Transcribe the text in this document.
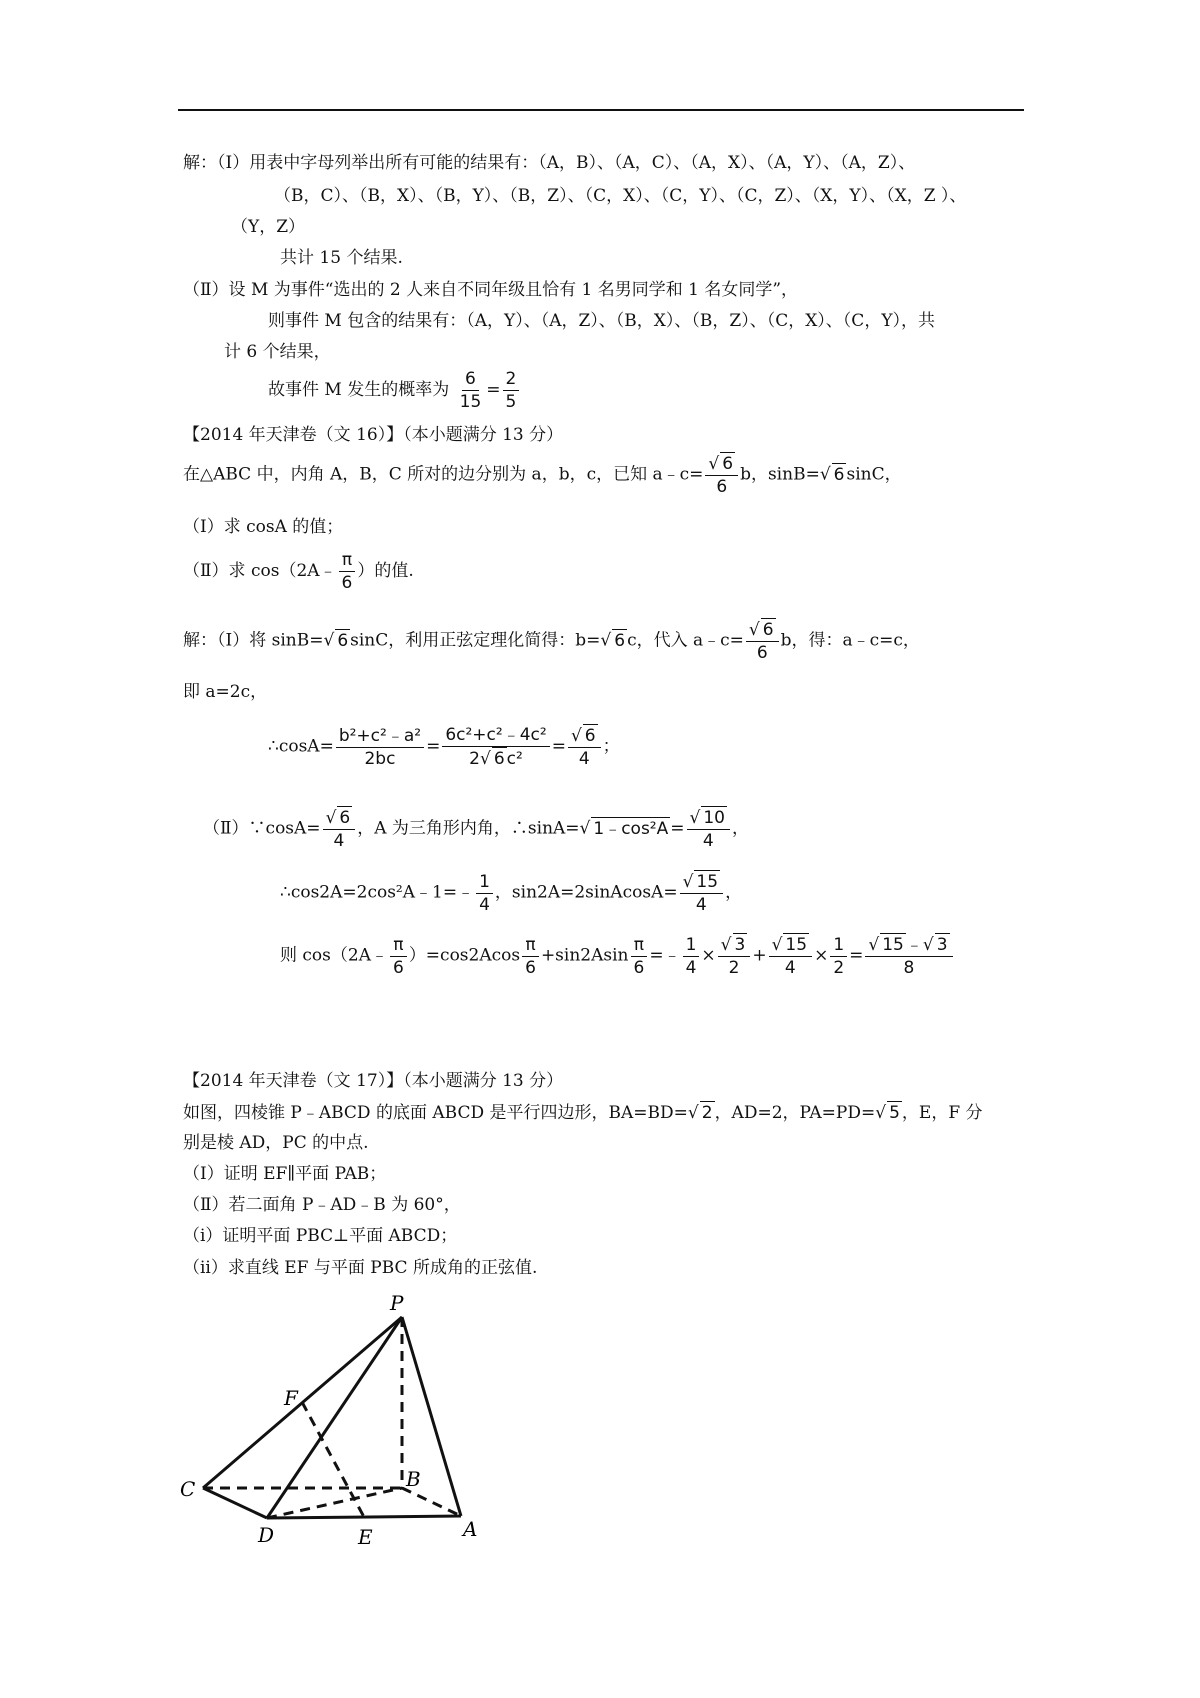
解：（Ⅰ）用表中字母列举出所有可能的结果有：（A，B）、（A，C）、（A，X）、（A，Y）、（A，Z）、
（B，C）、（B，X）、（B，Y）、（B，Z）、（C，X）、（C，Y）、（C，Z）、（X，Y）、（X，Z ）、
（Y，Z）
共计 15 个结果.
（Ⅱ）设 M 为事件“选出的 2 人来自不同年级且恰有 1 名男同学和 1 名女同学”，
则事件 M 包含的结果有：（A，Y）、（A，Z）、（B，X）、（B，Z）、（C，X）、（C，Y），共
计 6 个结果，
故事件 M 发生的概率为 $\frac{6}{15} = \frac{2}{5}$
【2014 年天津卷（文 16）】（本小题满分 13 分）
在△ABC 中，内角 A，B，C 所对的边分别为 a，b，c，已知 a﹣c= $\frac{√ 6}{6}$ b，sinB=√ 6 sinC，
（Ⅰ）求 cosA 的值；
（Ⅱ）求 cos（2A﹣ $\frac{\pi}{6}$ ）的值.
解：（Ⅰ）将 sinB=√ 6 sinC，利用正弦定理化简得：b=√ 6 c，代入 a﹣c= $\frac{√ 6}{6}$ b，得：a﹣c=c，
即 a=2c，
∴cosA= $\frac{\text{b²+c²﹣a²}}{2bc} = \frac{\text{6c²+c²﹣4c²}}{\text{2√ 6 c²}} = \frac{√ 6}{4}$ ；
（Ⅱ）∵cosA= $\frac{√ 6}{4}$ ，A 为三角形内角，∴sinA=√ 1﹣cos²A = $\frac{√ 10}{4}$ ，
∴cos2A=2cos²A﹣1=﹣ $\frac{1}{4}$ ，sin2A=2sinAcosA= $\frac{√ 15}{4}$ ，
则 cos（2A﹣ $\frac{\pi}{6} )=\cos 2Acos \frac{\pi}{6} +\sin 2Asin \frac{\pi}{6}$ =﹣ $\frac{1}{4} \times \frac{√ 3}{2} + \frac{√ 15}{4} \times \frac{1}{2} = \frac{√ 15 ﹣√ 3}{8}$
【2014 年天津卷（文 17）】（本小题满分 13 分）
如图，四棱锥 P﹣ABCD 的底面 ABCD 是平行四边形，BA=BD=√ 2 ，AD=2，PA=PD=√ 5 ，E，F 分
别是棱 AD，PC 的中点.
（Ⅰ）证明 EF∥平面 PAB；
（Ⅱ）若二面角 P﹣AD﹣B 为 60°，
（i）证明平面 PBC⊥平面 ABCD；
（ii）求直线 EF 与平面 PBC 所成角的正弦值.
P
F
C	B
D	E	A
